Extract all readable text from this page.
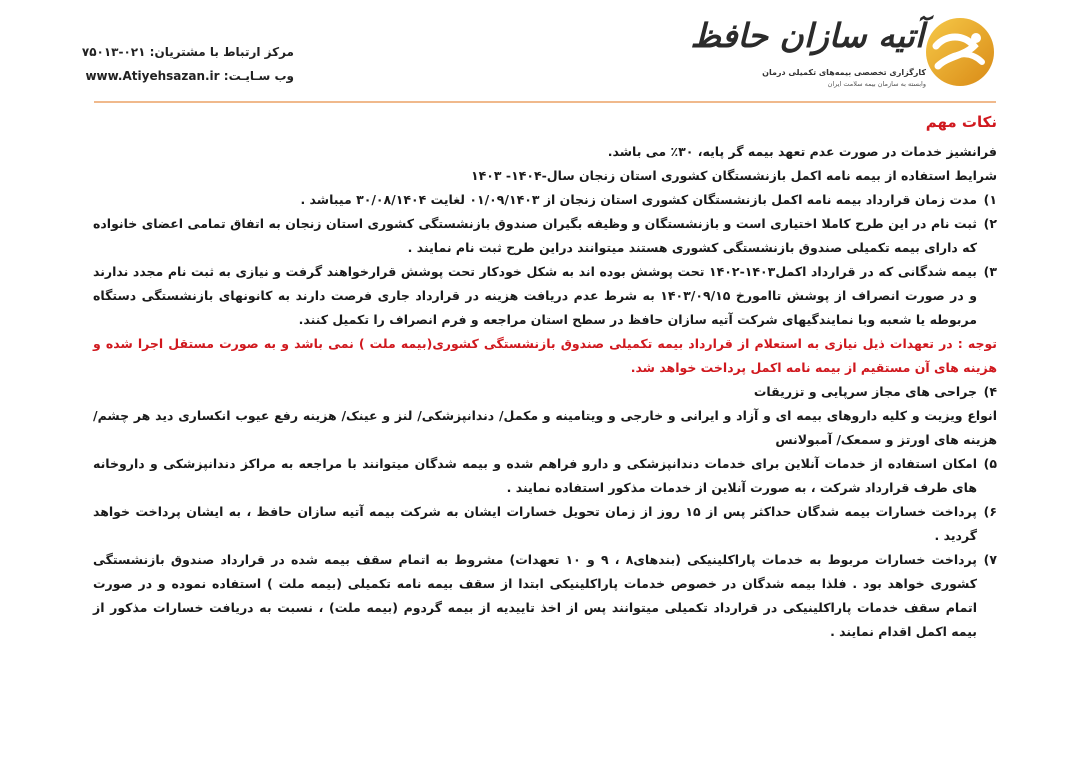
مرکز ارتباط با مشتریان: ۰۲۱-۷۵۰۱۳
وب سـایـت: www.Atiyehsazan.ir
آتیه سازان حافظ
کارگزاری تخصصی بیمه‌های تکمیلی درمان
وابسته به سازمان بیمه سلامت ایران
نکات مهم

فرانشیز خدمات در صورت عدم تعهد بیمه گر پایه، ۳۰٪ می باشد.

شرایط استفاده از بیمه نامه اکمل بازنشستگان کشوری استان زنجان سال-۱۴۰۴- ۱۴۰۳

۱)
مدت زمان قرارداد بیمه نامه اکمل بازنشستگان کشوری استان زنجان از ۰۱/۰۹/۱۴۰۳ لغایت ۳۰/۰۸/۱۴۰۴ میباشد .
۲)
ثبت نام در این طرح کاملا اختیاری است و بازنشستگان و وظیفه بگیران صندوق بازنشستگی کشوری استان زنجان به اتفاق تمامی اعضای خانواده که دارای بیمه تکمیلی صندوق بازنشستگی کشوری هستند میتوانند دراین طرح ثبت نام نمایند .
۳)
بیمه شدگانی که در قرارداد اکمل۱۴۰۳-۱۴۰۲ تحت پوشش بوده اند به شکل خودکار تحت پوشش قرارخواهند گرفت و نیازی به ثبت نام مجدد ندارند و در صورت انصراف از پوشش تاامورخ ۱۴۰۳/۰۹/۱۵ به شرط عدم دریافت هزینه در قرارداد جاری فرصت دارند به کانونهای بازنشستگی دستگاه مربوطه یا شعبه وبا نمایندگیهای شرکت آتیه سازان حافظ در سطح استان مراجعه و فرم انصراف را تکمیل کنند.

توجه : در تعهدات ذیل نیازی به استعلام از قرارداد بیمه تکمیلی صندوق بازنشستگی کشوری(بیمه ملت ) نمی باشد و به صورت مستقل اجرا شده و هزینه های آن مستقیم از بیمه نامه اکمل پرداخت خواهد شد.

۴)
جراحی های مجاز سرپایی و تزریقات

انواع ویزیت و کلیه داروهای بیمه ای و آزاد و ایرانی و خارجی و ویتامینه و مکمل/ دندانپزشکی/ لنز و عینک/ هزینه رفع عیوب انکساری دید هر چشم/ هزینه های اورتز و سمعک/ آمبولانس

۵)
امکان استفاده از خدمات آنلاین برای خدمات دندانپزشکی و دارو فراهم شده و بیمه شدگان میتوانند با مراجعه به مراکز دندانپزشکی و داروخانه های طرف قرارداد شرکت ، به صورت آنلاین از خدمات مذکور استفاده نمایند .
۶)
پرداخت خسارات بیمه شدگان حداکثر پس از ۱۵ روز از زمان تحویل خسارات ایشان به شرکت بیمه آتیه سازان حافظ ، به ایشان پرداخت خواهد گردید .
۷)
پرداخت خسارات مربوط به خدمات پاراکلینیکی (بندهای۸ ، ۹ و ۱۰ تعهدات) مشروط به اتمام سقف بیمه شده در قرارداد صندوق بازنشستگی کشوری خواهد بود . فلذا بیمه شدگان در خصوص خدمات پاراکلینیکی ابتدا از سقف بیمه نامه تکمیلی (بیمه ملت ) استفاده نموده و در صورت اتمام سقف خدمات پاراکلینیکی در قرارداد تکمیلی میتوانند پس از اخذ تاییدیه از بیمه گردوم (بیمه ملت) ، نسبت به دریافت خسارات مذکور از بیمه اکمل اقدام نمایند .
